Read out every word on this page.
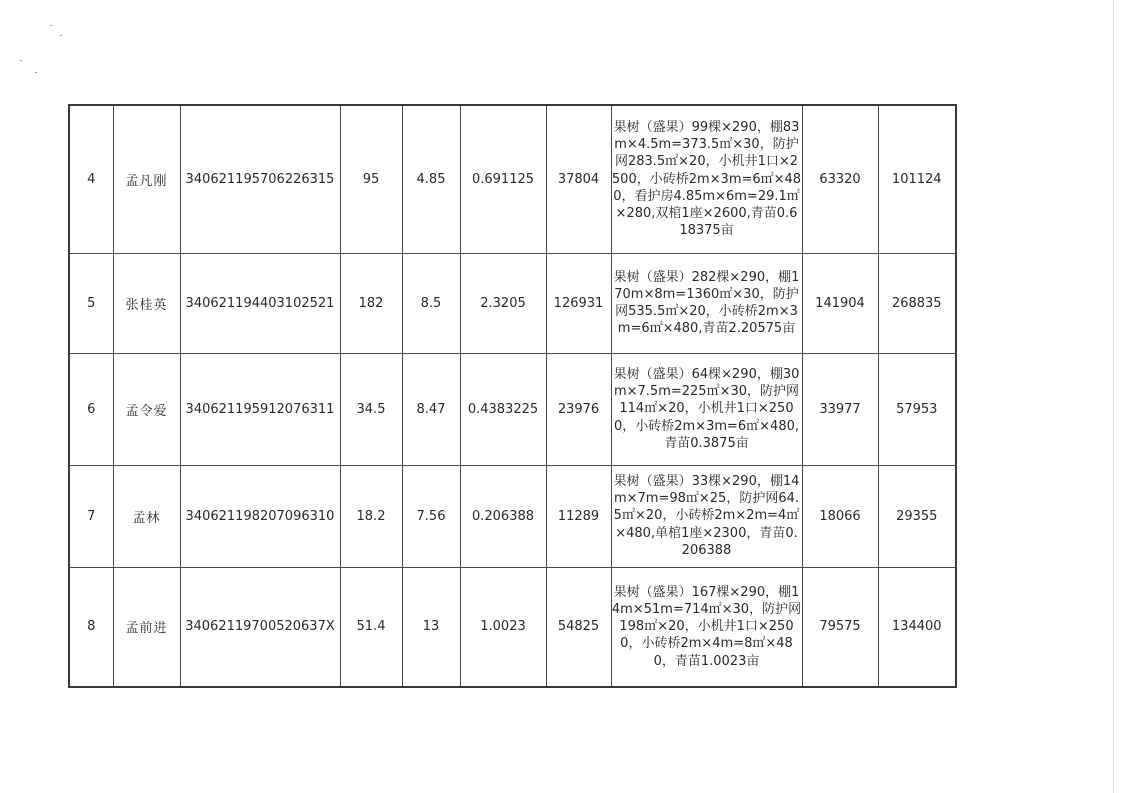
4	孟凡刚	340621195706226315	95	4.85	0.691125	37804	果树（盛果）99棵×290，棚83m×4.5m=373.5㎡×30，防护网283.5㎡×20，小机井1口×2500，小砖桥2m×3m=6㎡×480，看护房4.85m×6m=29.1㎡×280,双棺1座×2600,青苗0.618375亩	63320	101124
5	张桂英	340621194403102521	182	8.5	2.3205	126931	果树（盛果）282棵×290，棚170m×8m=1360㎡×30，防护网535.5㎡×20，小砖桥2m×3m=6㎡×480,青苗2.20575亩	141904	268835
6	孟令爱	340621195912076311	34.5	8.47	0.4383225	23976	果树（盛果）64棵×290，棚30m×7.5m=225㎡×30，防护网114㎡×20，小机井1口×2500，小砖桥2m×3m=6㎡×480,青苗0.3875亩	33977	57953
7	孟林	340621198207096310	18.2	7.56	0.206388	11289	果树（盛果）33棵×290，棚14m×7m=98㎡×25，防护网64.5㎡×20，小砖桥2m×2m=4㎡×480,单棺1座×2300，青苗0.206388	18066	29355
8	孟前进	34062119700520637X	51.4	13	1.0023	54825	果树（盛果）167棵×290，棚14m×51m=714㎡×30，防护网198㎡×20，小机井1口×2500，小砖桥2m×4m=8㎡×480，青苗1.0023亩	79575	134400
